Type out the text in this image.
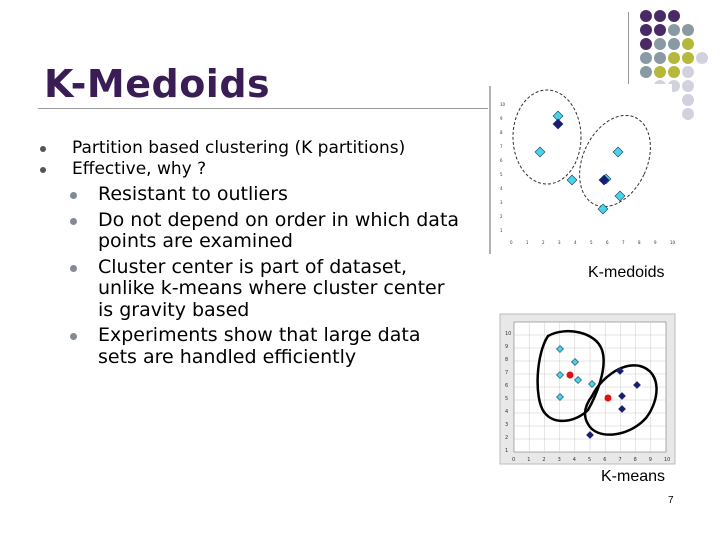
K-Medoids
Partition based clustering (K partitions)
Effective, why ?
Resistant to outliers
Do not depend on order in which data points are examined
Cluster center is part of dataset, unlike k-means where cluster center is gravity based
Experiments show that large data sets are handled efficiently
0	1	2	3	4	5	6	7	8	9	10
1
2
3
4
5
6
7
8
9
10
K-medoids
0 1 2 3 4 5 6 7 8 9 10
1
2
3
4
5
6
7
8
9
10
K-means
7
